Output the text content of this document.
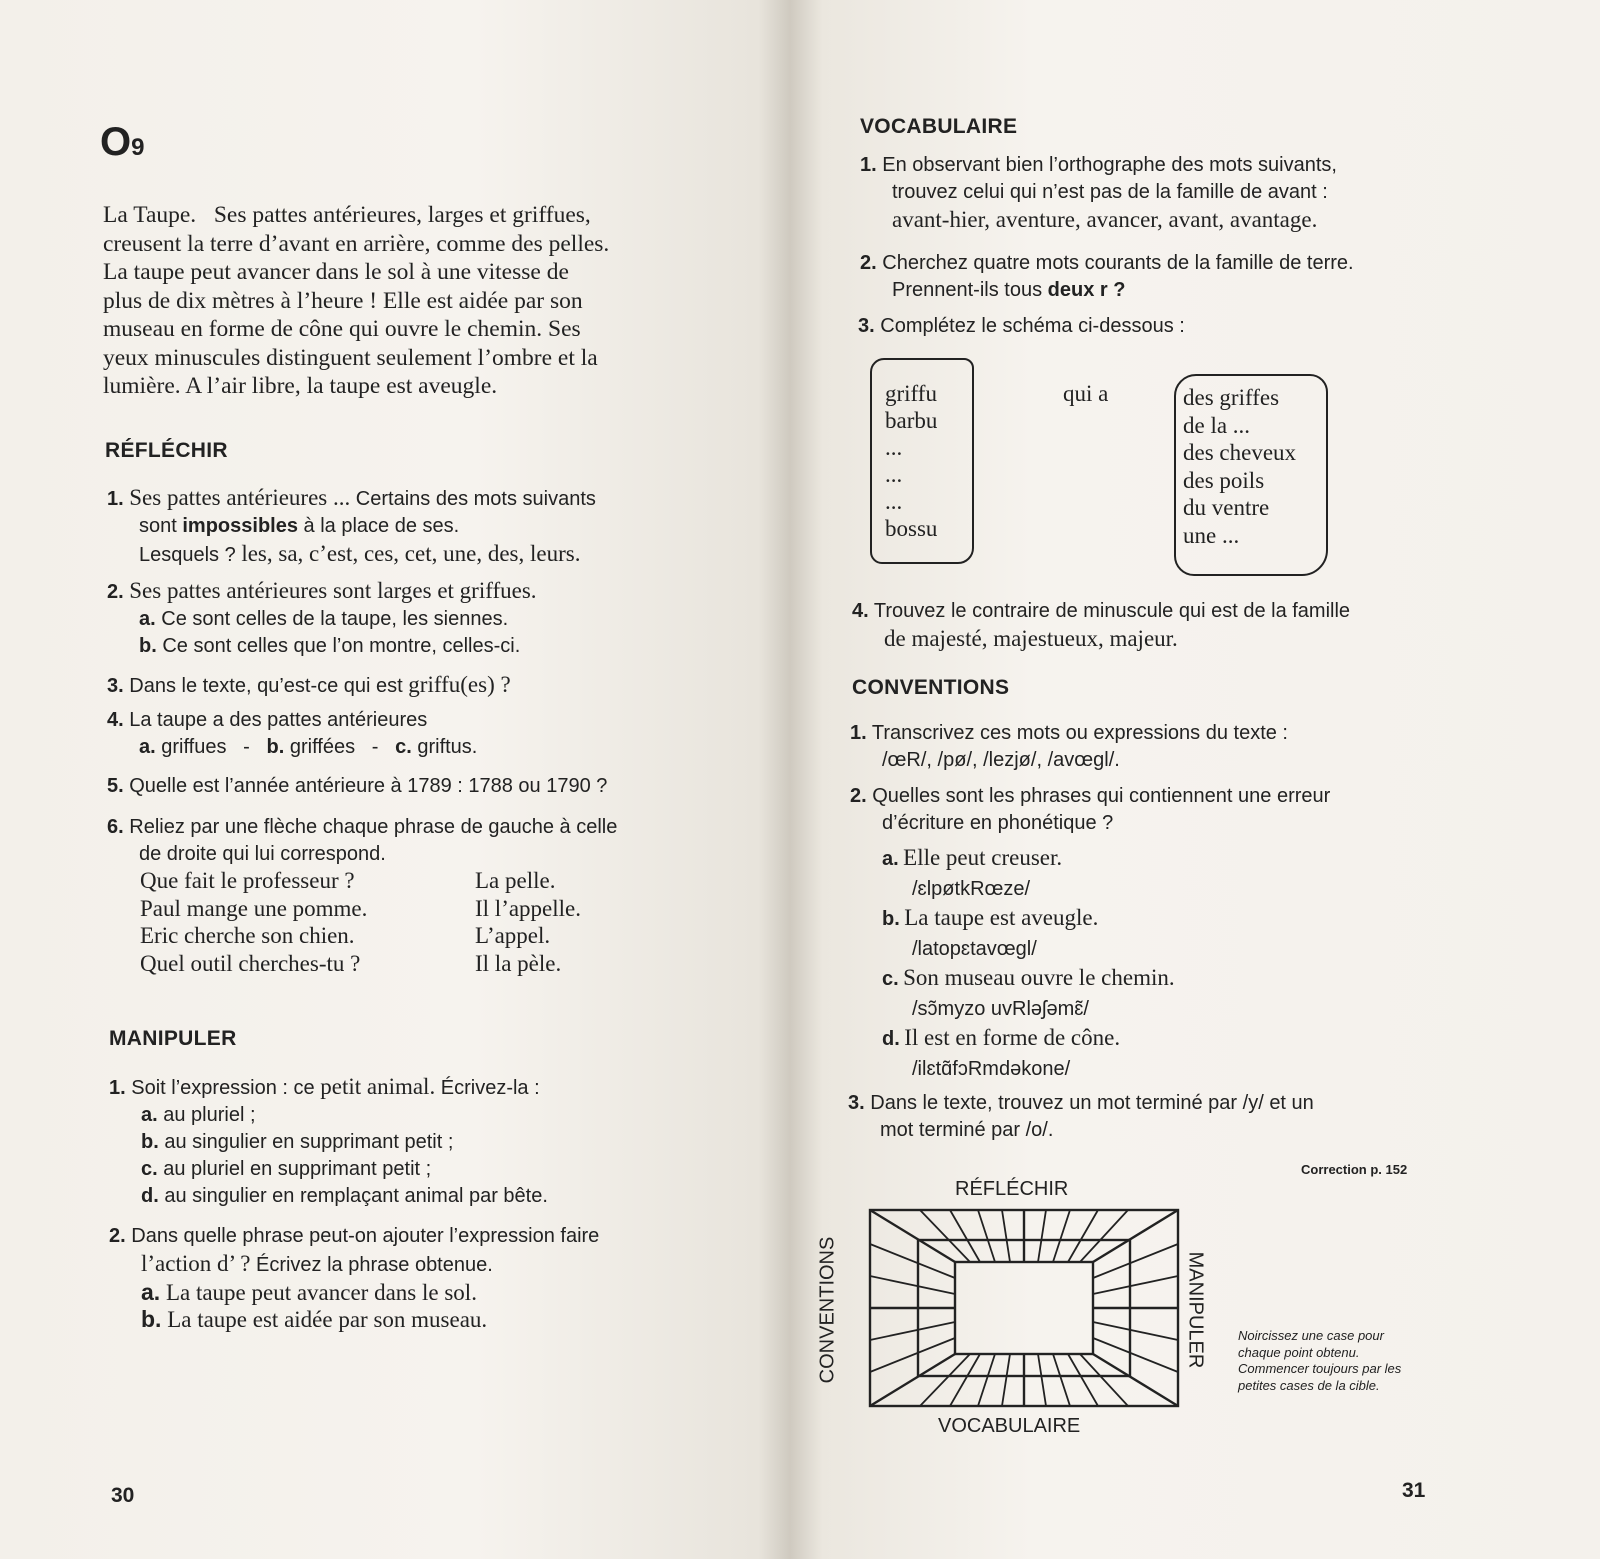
O9
La Taupe. Ses pattes antérieures, larges et griffues,
creusent la terre d’avant en arrière, comme des pelles.
La taupe peut avancer dans le sol à une vitesse de
plus de dix mètres à l’heure ! Elle est aidée par son
museau en forme de cône qui ouvre le chemin. Ses
yeux minuscules distinguent seulement l’ombre et la
lumière. A l’air libre, la taupe est aveugle.
RÉFLÉCHIR
1. Ses pattes antérieures ... Certains des mots suivants
sont impossibles à la place de ses.
Lesquels ? les, sa, c’est, ces, cet, une, des, leurs.
2. Ses pattes antérieures sont larges et griffues.
a. Ce sont celles de la taupe, les siennes.
b. Ce sont celles que l’on montre, celles-ci.
3. Dans le texte, qu’est-ce qui est griffu(es) ?
4. La taupe a des pattes antérieures
a. griffues - b. griffées - c. griftus.
5. Quelle est l’année antérieure à 1789 : 1788 ou 1790 ?
6. Reliez par une flèche chaque phrase de gauche à celle
de droite qui lui correspond.
Que fait le professeur ?
Paul mange une pomme.
Eric cherche son chien.
Quel outil cherches-tu ?
La pelle.
Il l’appelle.
L’appel.
Il la pèle.
MANIPULER
1. Soit l’expression : ce petit animal. Écrivez-la :
a. au pluriel ;
b. au singulier en supprimant petit ;
c. au pluriel en supprimant petit ;
d. au singulier en remplaçant animal par bête.
2. Dans quelle phrase peut-on ajouter l’expression faire
l’action d’ ? Écrivez la phrase obtenue.
a. La taupe peut avancer dans le sol.
b. La taupe est aidée par son museau.
30
VOCABULAIRE
1. En observant bien l’orthographe des mots suivants,
trouvez celui qui n’est pas de la famille de avant :
avant-hier, aventure, avancer, avant, avantage.
2. Cherchez quatre mots courants de la famille de terre.
Prennent-ils tous deux r ?
3. Complétez le schéma ci-dessous :
griffu
barbu
...
...
...
bossu
qui a	des griffes
de la ...
des cheveux
des poils
du ventre
une ...
4. Trouvez le contraire de minuscule qui est de la famille
de majesté, majestueux, majeur.
CONVENTIONS
1. Transcrivez ces mots ou expressions du texte :
/œR/, /pø/, /lezjø/, /avœgl/.
2. Quelles sont les phrases qui contiennent une erreur
d’écriture en phonétique ?
a. Elle peut creuser.
/ɛlpøtkRœze/
b. La taupe est aveugle.
/latopɛtavœgl/
c. Son museau ouvre le chemin.
/sɔ̃myzo uvRləʃəmɛ̃/
d. Il est en forme de cône.
/ilɛtɑ̃fɔRmdəkone/
3. Dans le texte, trouvez un mot terminé par /y/ et un
mot terminé par /o/.
Correction p. 152
RÉFLÉCHIR
VOCABULAIRE
CONVENTIONS	MANIPULER Noircissez une case pour
chaque point obtenu.
Commencer toujours par les
petites cases de la cible.
31
